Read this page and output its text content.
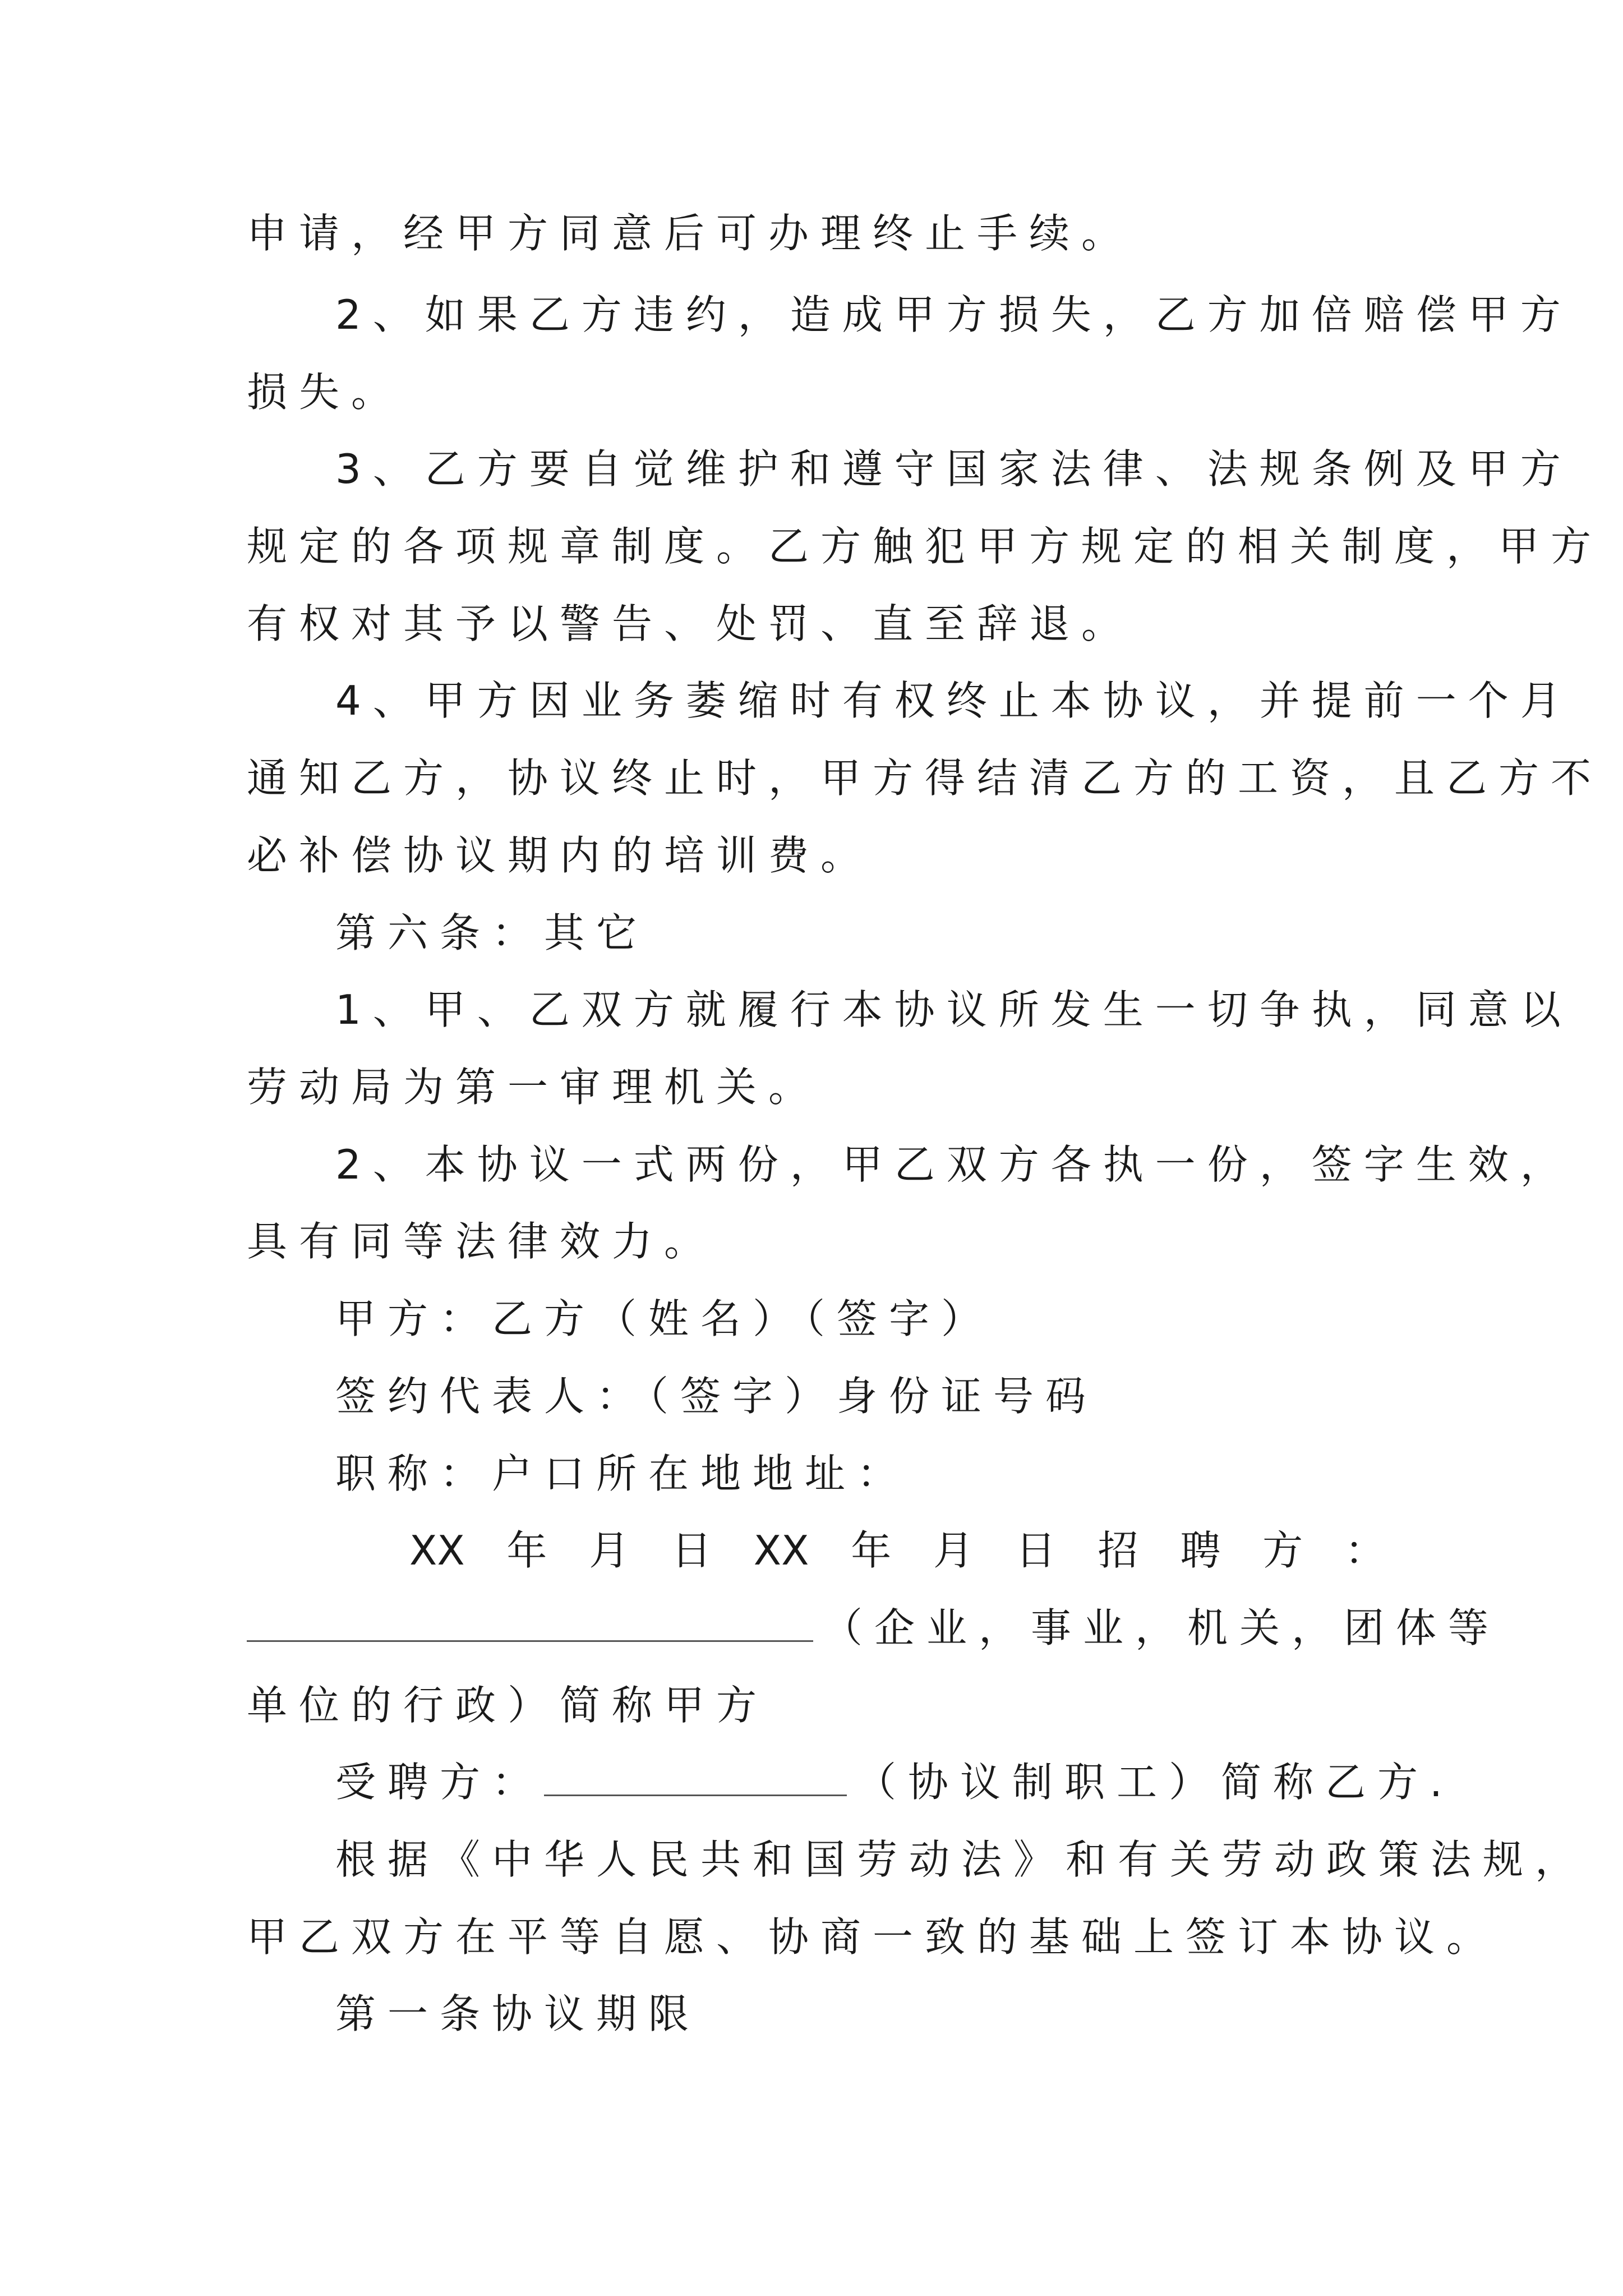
申请，经甲方同意后可办理终止手续。
2、如果乙方违约，造成甲方损失，乙方加倍赔偿甲方
损失。
3、乙方要自觉维护和遵守国家法律、法规条例及甲方
规定的各项规章制度。乙方触犯甲方规定的相关制度，甲方
有权对其予以警告、处罚、直至辞退。
4、甲方因业务萎缩时有权终止本协议，并提前一个月
通知乙方，协议终止时，甲方得结清乙方的工资，且乙方不
必补偿协议期内的培训费。
第六条：其它
1、甲、乙双方就履行本协议所发生一切争执，同意以
劳动局为第一审理机关。
2、本协议一式两份，甲乙双方各执一份，签字生效，
具有同等法律效力。
甲方：乙方（姓名）（签字）
签约代表人：（签字）身份证号码
职称：户口所在地地址：
XX 年 月 日 XX 年 月 日 招 聘 方 ：
（企业，事业，机关，团体等
单位的行政）简称甲方
受聘方：	（协议制职工）简称乙方.
根据《中华人民共和国劳动法》和有关劳动政策法规，
甲乙双方在平等自愿、协商一致的基础上签订本协议。
第一条协议期限
